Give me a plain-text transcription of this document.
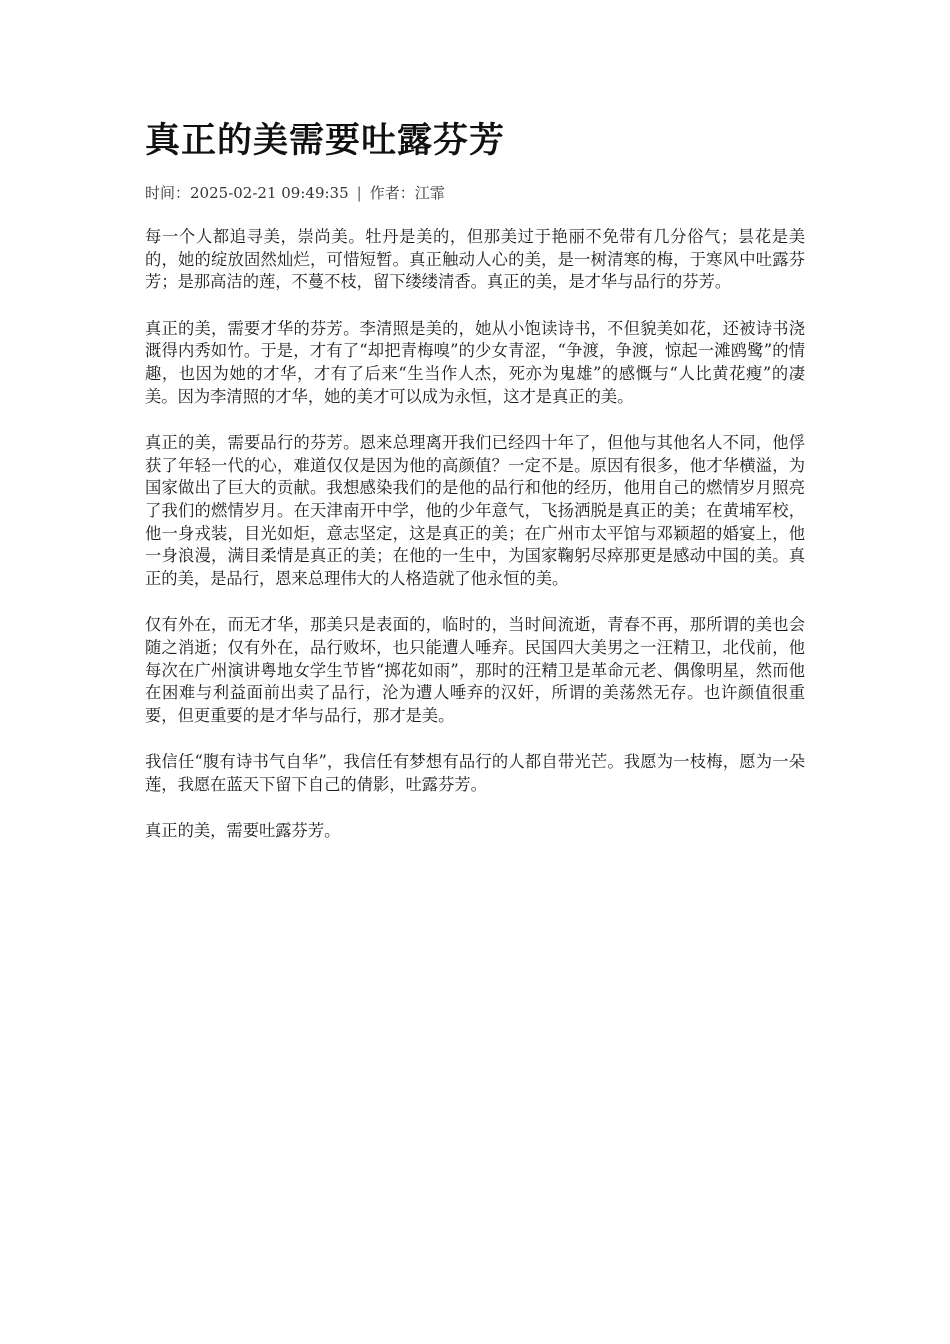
真正的美需要吐露芬芳
时间：2025-02-21 09:49:35 | 作者：江霏

每一个人都追寻美，崇尚美。牡丹是美的，但那美过于艳丽不免带有几分俗气；昙花是美的，她的绽放固然灿烂，可惜短暂。真正触动人心的美，是一树清寒的梅，于寒风中吐露芬芳；是那高洁的莲，不蔓不枝，留下缕缕清香。真正的美，是才华与品行的芬芳。

真正的美，需要才华的芬芳。李清照是美的，她从小饱读诗书，不但貌美如花，还被诗书浇溉得内秀如竹。于是，才有了“却把青梅嗅”的少女青涩，“争渡，争渡，惊起一滩鸥鹭”的情趣，也因为她的才华，才有了后来“生当作人杰，死亦为鬼雄”的感慨与“人比黄花瘦”的凄美。因为李清照的才华，她的美才可以成为永恒，这才是真正的美。

真正的美，需要品行的芬芳。恩来总理离开我们已经四十年了，但他与其他名人不同，他俘获了年轻一代的心，难道仅仅是因为他的高颜值？一定不是。原因有很多，他才华横溢，为国家做出了巨大的贡献。我想感染我们的是他的品行和他的经历，他用自己的燃情岁月照亮了我们的燃情岁月。在天津南开中学，他的少年意气，飞扬洒脱是真正的美；在黄埔军校，他一身戎装，目光如炬，意志坚定，这是真正的美；在广州市太平馆与邓颖超的婚宴上，他一身浪漫，满目柔情是真正的美；在他的一生中，为国家鞠躬尽瘁那更是感动中国的美。真正的美，是品行，恩来总理伟大的人格造就了他永恒的美。

仅有外在，而无才华，那美只是表面的，临时的，当时间流逝，青春不再，那所谓的美也会随之消逝；仅有外在，品行败坏，也只能遭人唾弃。民国四大美男之一汪精卫，北伐前，他每次在广州演讲粤地女学生节皆“掷花如雨”，那时的汪精卫是革命元老、偶像明星，然而他在困难与利益面前出卖了品行，沦为遭人唾弃的汉奸，所谓的美荡然无存。也许颜值很重要，但更重要的是才华与品行，那才是美。

我信任“腹有诗书气自华”，我信任有梦想有品行的人都自带光芒。我愿为一枝梅，愿为一朵莲，我愿在蓝天下留下自己的倩影，吐露芬芳。

真正的美，需要吐露芬芳。
